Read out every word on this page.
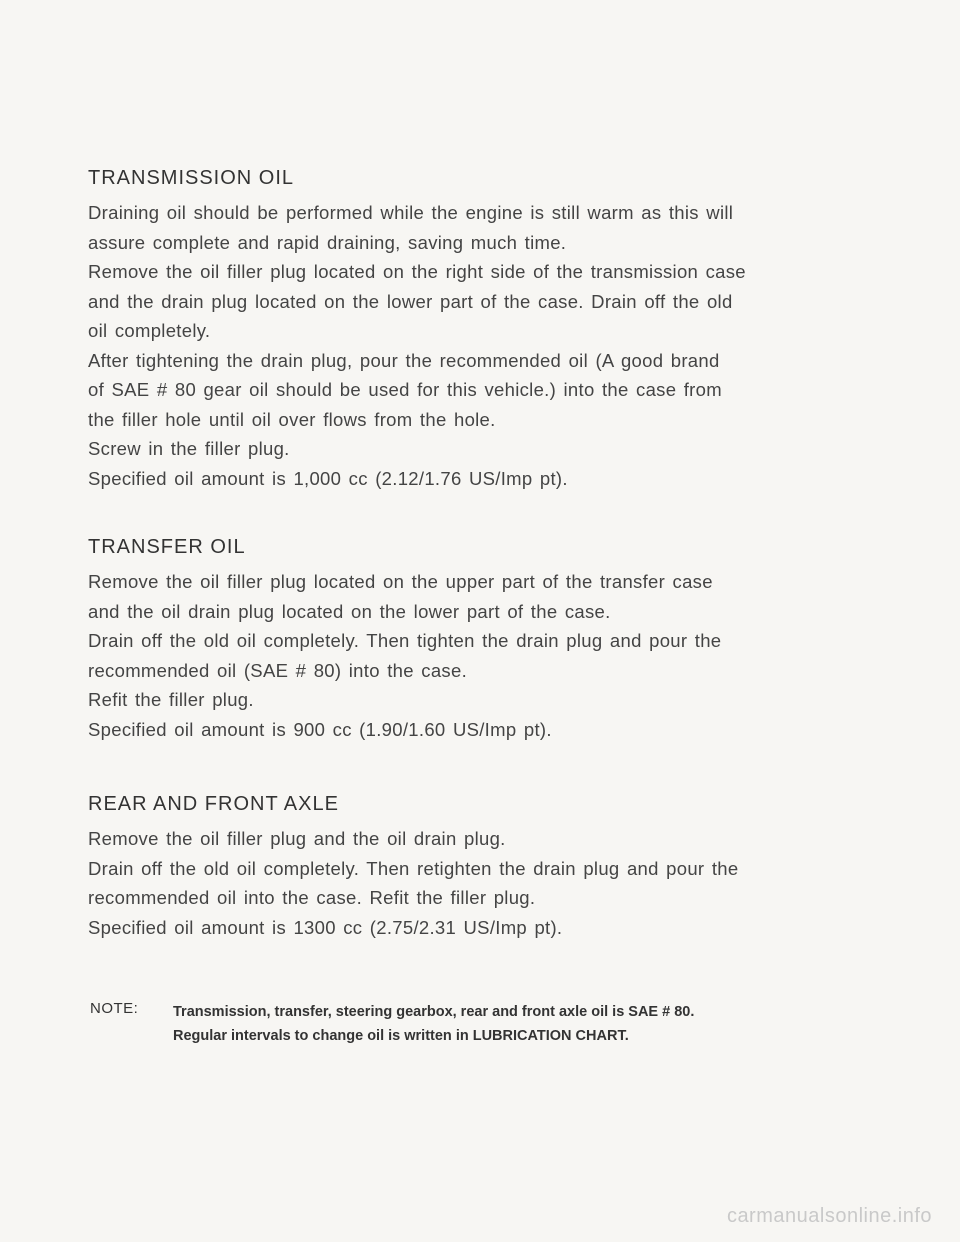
TRANSMISSION OIL

Draining oil should be performed while the engine is still warm as this will

assure complete and rapid draining, saving much time.

Remove the oil filler plug located on the right side of the transmission case

and the drain plug located on the lower part of the case. Drain off the old

oil completely.

After tightening the drain plug, pour the recommended oil (A good brand

of SAE # 80 gear oil should be used for this vehicle.) into the case from

the filler hole until oil over flows from the hole.

Screw in the filler plug.

Specified oil amount is 1,000 cc (2.12/1.76 US/Imp pt).

TRANSFER OIL

Remove the oil filler plug located on the upper part of the transfer case

and the oil drain plug located on the lower part of the case.

Drain off the old oil completely. Then tighten the drain plug and pour the

recommended oil (SAE # 80) into the case.

Refit the filler plug.

Specified oil amount is 900 cc (1.90/1.60 US/Imp pt).

REAR AND FRONT AXLE

Remove the oil filler plug and the oil drain plug.

Drain off the old oil completely. Then retighten the drain plug and pour the

recommended oil into the case. Refit the filler plug.

Specified oil amount is 1300 cc (2.75/2.31 US/Imp pt).

NOTE: Transmission, transfer, steering gearbox, rear and front axle oil is SAE # 80.

Regular intervals to change oil is written in LUBRICATION CHART.

carmanualsonline.info
